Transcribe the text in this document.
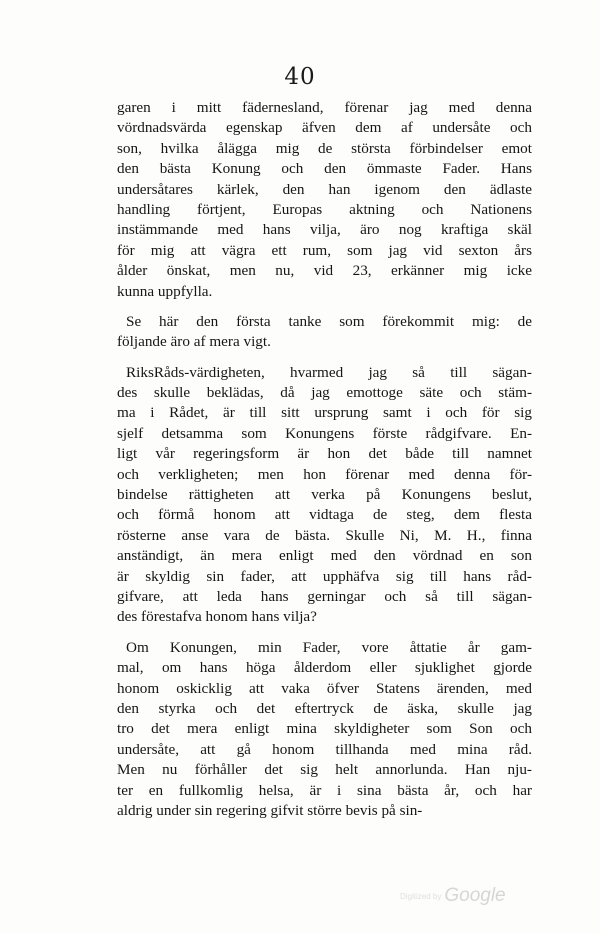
40
garen i mitt fädernesland, förenar jag med denna
vördnadsvärda egenskap äfven dem af undersåte och
son, hvilka ålägga mig de största förbindelser emot
den bästa Konung och den ömmaste Fader. Hans
undersåtares kärlek, den han igenom den ädlaste
handling förtjent, Europas aktning och Nationens
instämmande med hans vilja, äro nog kraftiga skäl
för mig att vägra ett rum, som jag vid sexton års
ålder önskat, men nu, vid 23, erkänner mig icke
kunna uppfylla.
Se här den första tanke som förekommit mig: de
följande äro af mera vigt.
RiksRåds-värdigheten, hvarmed jag så till sägan-
des skulle beklädas, då jag emottoge säte och stäm-
ma i Rådet, är till sitt ursprung samt i och för sig
sjelf detsamma som Konungens förste rådgifvare. En-
ligt vår regeringsform är hon det både till namnet
och verkligheten; men hon förenar med denna för-
bindelse rättigheten att verka på Konungens beslut,
och förmå honom att vidtaga de steg, dem flesta
rösterne anse vara de bästa. Skulle Ni, M. H., finna
anständigt, än mera enligt med den vördnad en son
är skyldig sin fader, att upphäfva sig till hans råd-
gifvare, att leda hans gerningar och så till sägan-
des förestafva honom hans vilja?
Om Konungen, min Fader, vore åttatie år gam-
mal, om hans höga ålderdom eller sjuklighet gjorde
honom oskicklig att vaka öfver Statens ärenden, med
den styrka och det eftertryck de äska, skulle jag
tro det mera enligt mina skyldigheter som Son och
undersåte, att gå honom tillhanda med mina råd.
Men nu förhåller det sig helt annorlunda. Han nju-
ter en fullkomlig helsa, är i sina bästa år, och har
aldrig under sin regering gifvit större bevis på sin-
Digitized by Google
